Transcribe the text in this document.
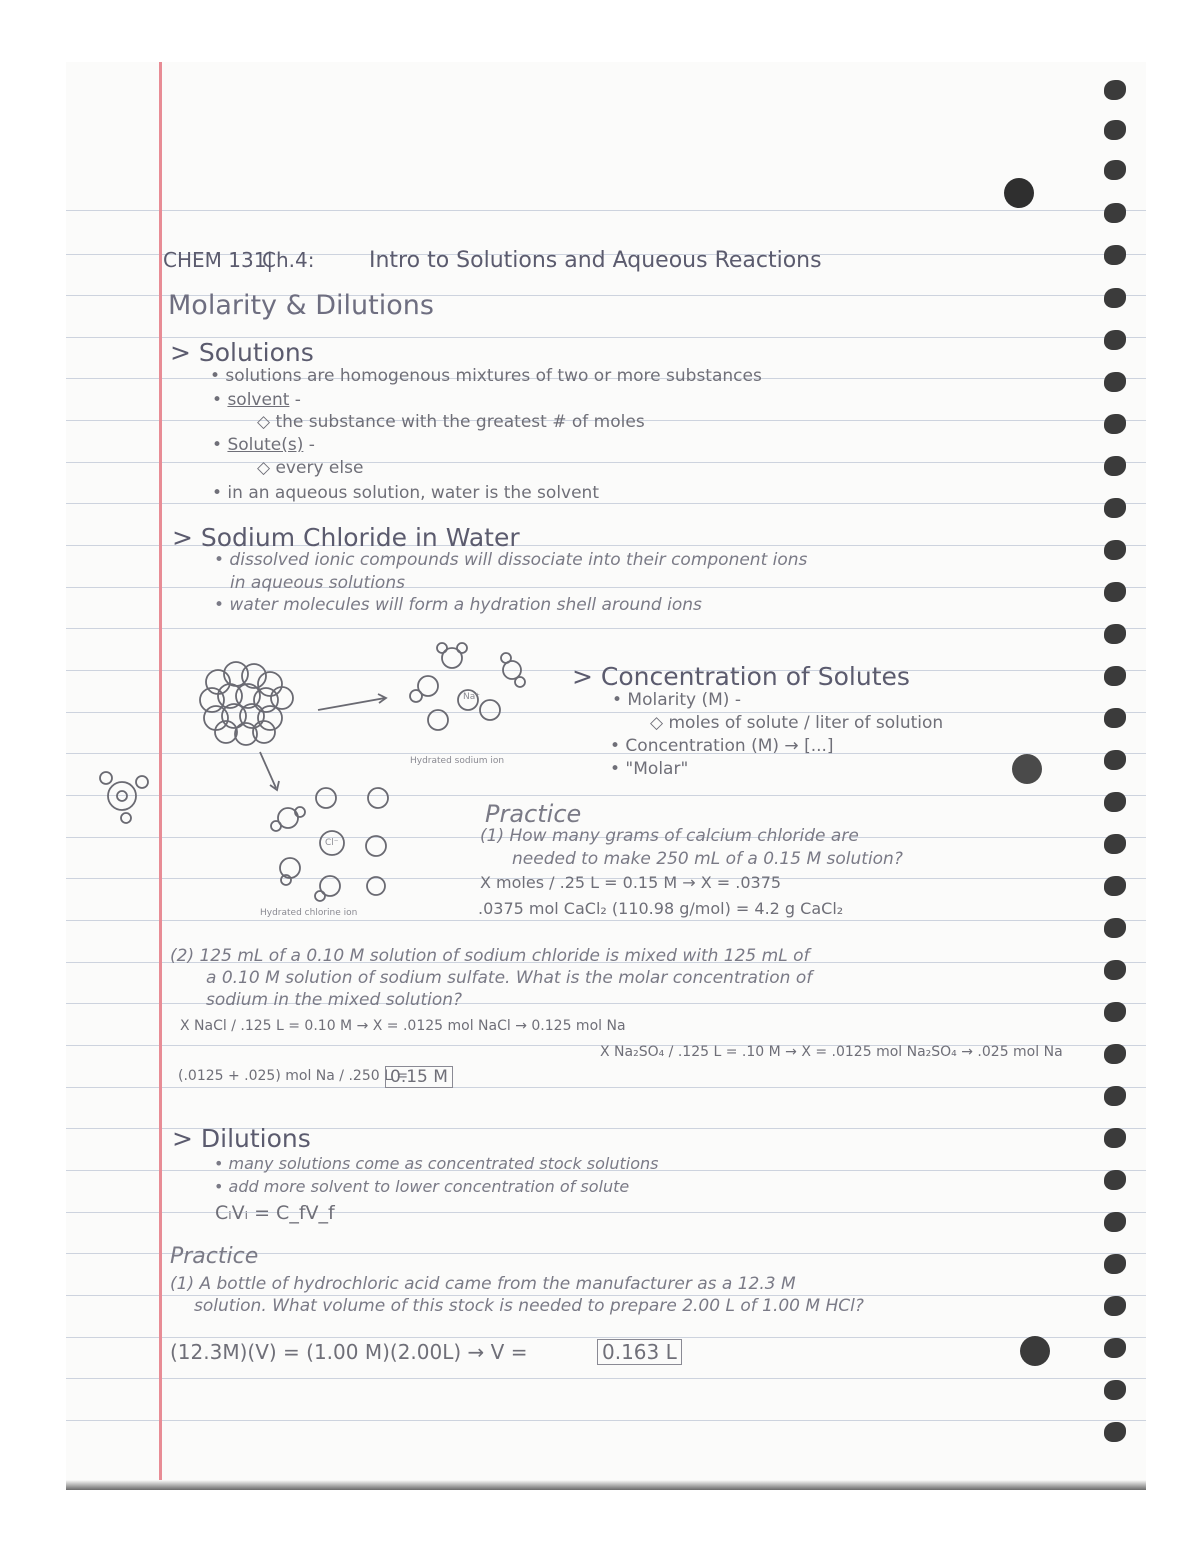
CHEM 131|
Ch.4: Intro to Solutions and Aqueous Reactions
Molarity & Dilutions
> Solutions
• solutions are homogenous mixtures of two or more substances
• solvent -
◇ the substance with the greatest # of moles
• Solute(s) -
◇ every else
• in an aqueous solution, water is the solvent
> Sodium Chloride in Water
• dissolved ionic compounds will dissociate into their component ions
in aqueous solutions
• water molecules will form a hydration shell around ions
Na⁺
Cl⁻
Hydrated sodium ion
Hydrated chlorine ion
> Concentration of Solutes
• Molarity (M) -
◇ moles of solute / liter of solution
• Concentration (M) → [...]
• "Molar"
Practice
(1) How many grams of calcium chloride are
needed to make 250 mL of a 0.15 M solution?
X moles / .25 L = 0.15 M → X = .0375
.0375 mol CaCl₂ (110.98 g/mol) = 4.2 g CaCl₂
(2) 125 mL of a 0.10 M solution of sodium chloride is mixed with 125 mL of
a 0.10 M solution of sodium sulfate. What is the molar concentration of
sodium in the mixed solution?
X NaCl / .125 L = 0.10 M → X = .0125 mol NaCl → 0.125 mol Na
X Na₂SO₄ / .125 L = .10 M → X = .0125 mol Na₂SO₄ → .025 mol Na
(.0125 + .025) mol Na / .250 L =
0.15 M
> Dilutions
• many solutions come as concentrated stock solutions
• add more solvent to lower concentration of solute
CᵢVᵢ = C_fV_f
Practice
(1) A bottle of hydrochloric acid came from the manufacturer as a 12.3 M
solution. What volume of this stock is needed to prepare 2.00 L of 1.00 M HCl?
(12.3M)(V) = (1.00 M)(2.00L) → V =	0.163 L
